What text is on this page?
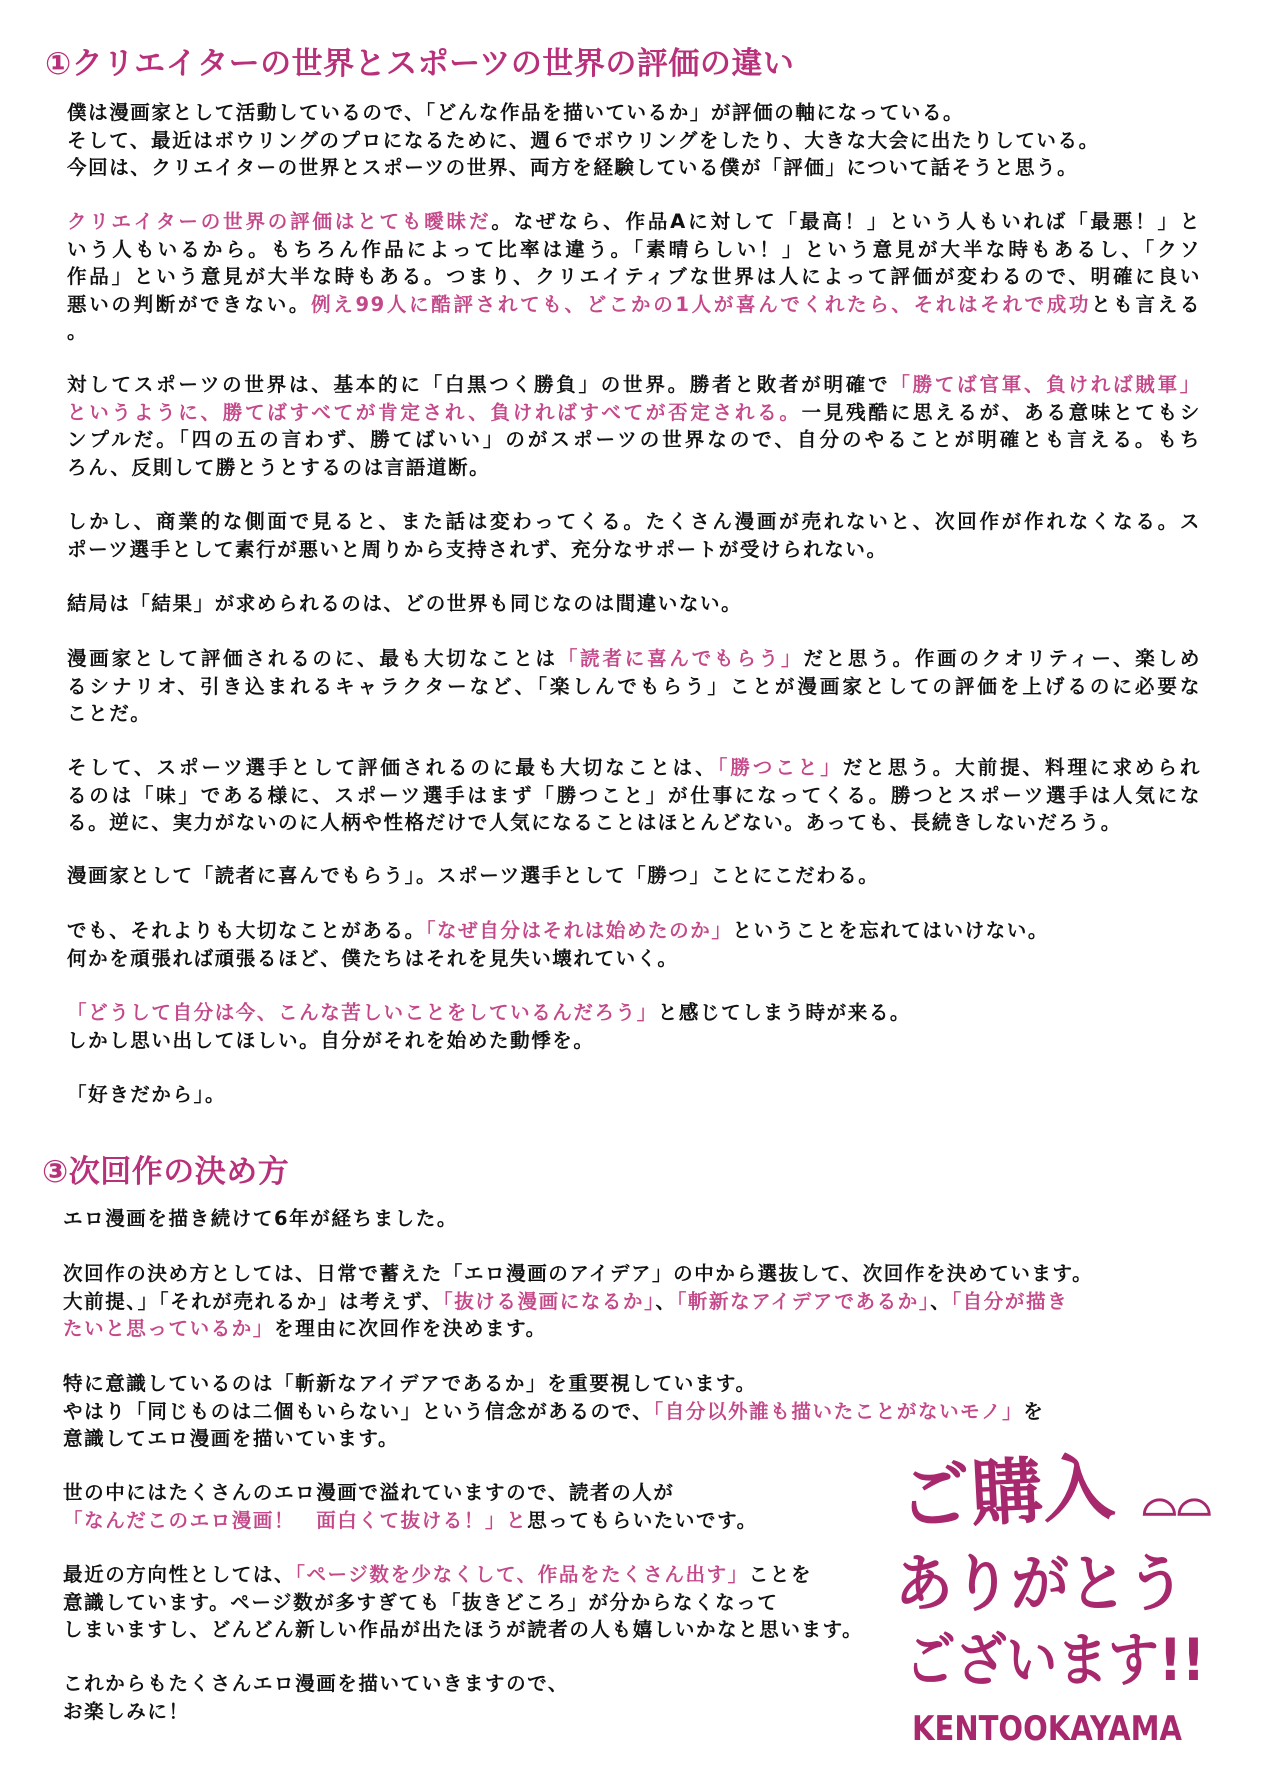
①クリエイターの世界とスポーツの世界の評価の違い
僕は漫画家として活動しているので、「どんな作品を描いているか」が評価の軸になっている。
そして、最近はボウリングのプロになるために、週６でボウリングをしたり、大きな大会に出たりしている。
今回は、クリエイターの世界とスポーツの世界、両方を経験している僕が「評価」について話そうと思う。
クリエイターの世界の評価はとても曖昧だ。なぜなら、作品Aに対して「最高！」という人もいれば「最悪！」と
いう人もいるから。もちろん作品によって比率は違う。「素晴らしい！」という意見が大半な時もあるし、「クソ
作品」という意見が大半な時もある。つまり、クリエイティブな世界は人によって評価が変わるので、明確に良い
悪いの判断ができない。例え99人に酷評されても、どこかの1人が喜んでくれたら、それはそれで成功とも言える
。
対してスポーツの世界は、基本的に「白黒つく勝負」の世界。勝者と敗者が明確で「勝てば官軍、負ければ賊軍」
というように、勝てばすべてが肯定され、負ければすべてが否定される。一見残酷に思えるが、ある意味とてもシ
ンプルだ。「四の五の言わず、勝てばいい」のがスポーツの世界なので、自分のやることが明確とも言える。もち
ろん、反則して勝とうとするのは言語道断。
しかし、商業的な側面で見ると、また話は変わってくる。たくさん漫画が売れないと、次回作が作れなくなる。ス
ポーツ選手として素行が悪いと周りから支持されず、充分なサポートが受けられない。
結局は「結果」が求められるのは、どの世界も同じなのは間違いない。
漫画家として評価されるのに、最も大切なことは「読者に喜んでもらう」だと思う。作画のクオリティー、楽しめ
るシナリオ、引き込まれるキャラクターなど、「楽しんでもらう」ことが漫画家としての評価を上げるのに必要な
ことだ。
そして、スポーツ選手として評価されるのに最も大切なことは、「勝つこと」だと思う。大前提、料理に求められ
るのは「味」である様に、スポーツ選手はまず「勝つこと」が仕事になってくる。勝つとスポーツ選手は人気にな
る。逆に、実力がないのに人柄や性格だけで人気になることはほとんどない。あっても、長続きしないだろう。
漫画家として「読者に喜んでもらう」。スポーツ選手として「勝つ」ことにこだわる。
でも、それよりも大切なことがある。「なぜ自分はそれは始めたのか」ということを忘れてはいけない。
何かを頑張れば頑張るほど、僕たちはそれを見失い壊れていく。
「どうして自分は今、こんな苦しいことをしているんだろう」と感じてしまう時が来る。
しかし思い出してほしい。自分がそれを始めた動悸を。
「好きだから」。
③次回作の決め方
エロ漫画を描き続けて6年が経ちました。
次回作の決め方としては、日常で蓄えた「エロ漫画のアイデア」の中から選抜して、次回作を決めています。
大前提、」「それが売れるか」は考えず、「抜ける漫画になるか」、「斬新なアイデアであるか」、「自分が描き
たいと思っているか」を理由に次回作を決めます。
特に意識しているのは「斬新なアイデアであるか」を重要視しています。
やはり「同じものは二個もいらない」という信念があるので、「自分以外誰も描いたことがないモノ」を
意識してエロ漫画を描いています。
世の中にはたくさんのエロ漫画で溢れていますので、読者の人が
「なんだこのエロ漫画！　面白くて抜ける！」と思ってもらいたいです。
最近の方向性としては、「ページ数を少なくして、作品をたくさん出す」ことを
意識しています。ページ数が多すぎても「抜きどころ」が分からなくなって
しまいますし、どんどん新しい作品が出たほうが読者の人も嬉しいかなと思います。
これからもたくさんエロ漫画を描いていきますので、
お楽しみに！
ご購入 ⌓⌓
ありがとう
ございます!!
KENTOOKAYAMA
